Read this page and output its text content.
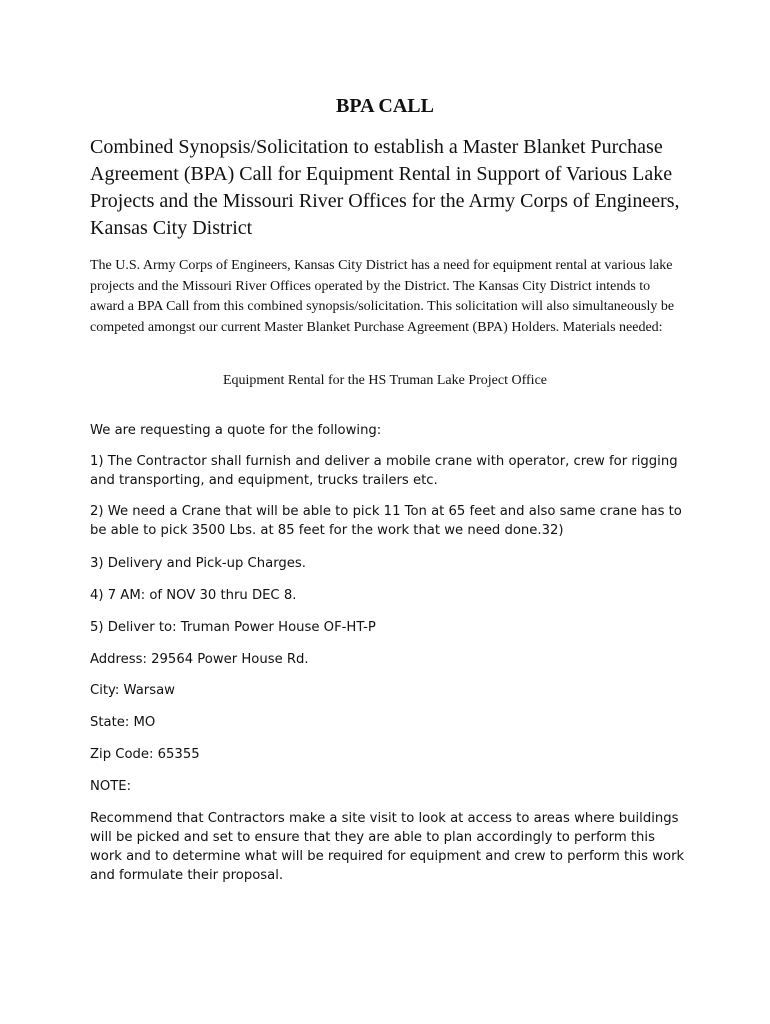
BPA CALL

Combined Synopsis/Solicitation to establish a Master Blanket Purchase Agreement (BPA) Call for Equipment Rental in Support of Various Lake Projects and the Missouri River Offices for the Army Corps of Engineers, Kansas City District

The U.S. Army Corps of Engineers, Kansas City District has a need for equipment rental at various lake projects and the Missouri River Offices operated by the District. The Kansas City District intends to award a BPA Call from this combined synopsis/solicitation. This solicitation will also simultaneously be competed amongst our current Master Blanket Purchase Agreement (BPA) Holders. Materials needed:

Equipment Rental for the HS Truman Lake Project Office

We are requesting a quote for the following:

1) The Contractor shall furnish and deliver a mobile crane with operator, crew for rigging and transporting, and equipment, trucks trailers etc.

2) We need a Crane that will be able to pick 11 Ton at 65 feet and also same crane has to be able to pick 3500 Lbs. at 85 feet for the work that we need done.32)

3) Delivery and Pick-up Charges.

4) 7 AM: of NOV 30 thru DEC 8.

5) Deliver to: Truman Power House OF-HT-P

Address: 29564 Power House Rd.

City: Warsaw

State: MO

Zip Code: 65355

NOTE:

Recommend that Contractors make a site visit to look at access to areas where buildings will be picked and set to ensure that they are able to plan accordingly to perform this work and to determine what will be required for equipment and crew to perform this work and formulate their proposal.
